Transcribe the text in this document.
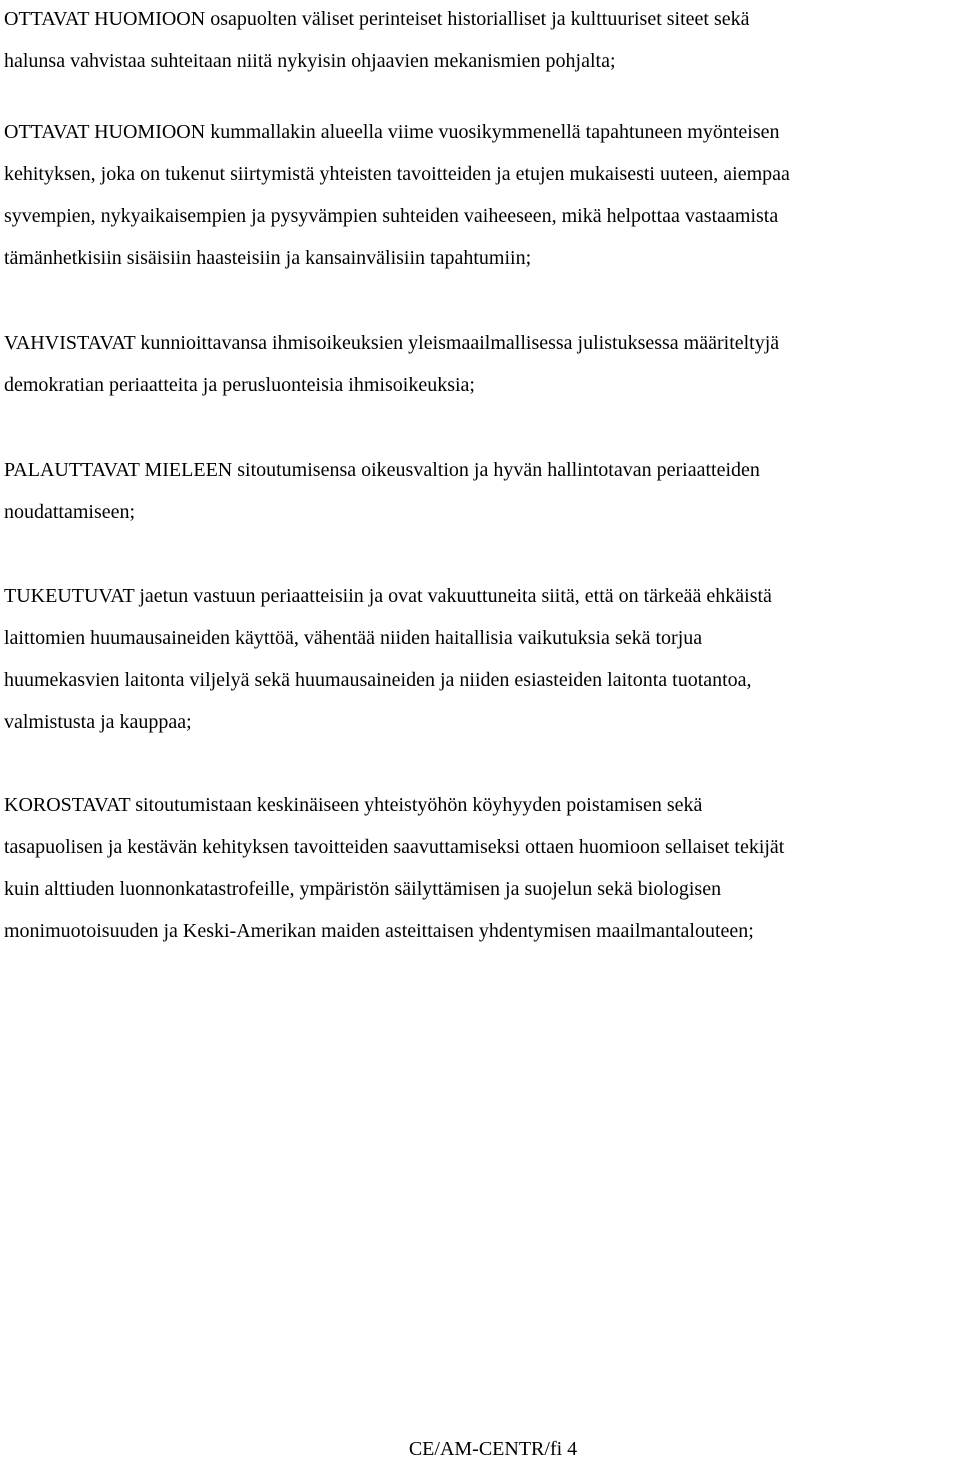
OTTAVAT HUOMIOON osapuolten väliset perinteiset historialliset ja kulttuuriset siteet sekä
halunsa vahvistaa suhteitaan niitä nykyisin ohjaavien mekanismien pohjalta;

OTTAVAT HUOMIOON kummallakin alueella viime vuosikymmenellä tapahtuneen myönteisen
kehityksen, joka on tukenut siirtymistä yhteisten tavoitteiden ja etujen mukaisesti uuteen, aiempaa
syvempien, nykyaikaisempien ja pysyvämpien suhteiden vaiheeseen, mikä helpottaa vastaamista
tämänhetkisiin sisäisiin haasteisiin ja kansainvälisiin tapahtumiin;

VAHVISTAVAT kunnioittavansa ihmisoikeuksien yleismaailmallisessa julistuksessa määriteltyjä
demokratian periaatteita ja perusluonteisia ihmisoikeuksia;

PALAUTTAVAT MIELEEN sitoutumisensa oikeusvaltion ja hyvän hallintotavan periaatteiden
noudattamiseen;

TUKEUTUVAT jaetun vastuun periaatteisiin ja ovat vakuuttuneita siitä, että on tärkeää ehkäistä
laittomien huumausaineiden käyttöä, vähentää niiden haitallisia vaikutuksia sekä torjua
huumekasvien laitonta viljelyä sekä huumausaineiden ja niiden esiasteiden laitonta tuotantoa,
valmistusta ja kauppaa;

KOROSTAVAT sitoutumistaan keskinäiseen yhteistyöhön köyhyyden poistamisen sekä
tasapuolisen ja kestävän kehityksen tavoitteiden saavuttamiseksi ottaen huomioon sellaiset tekijät
kuin alttiuden luonnonkatastrofeille, ympäristön säilyttämisen ja suojelun sekä biologisen
monimuotoisuuden ja Keski-Amerikan maiden asteittaisen yhdentymisen maailmantalouteen;

CE/AM-CENTR/fi 4
